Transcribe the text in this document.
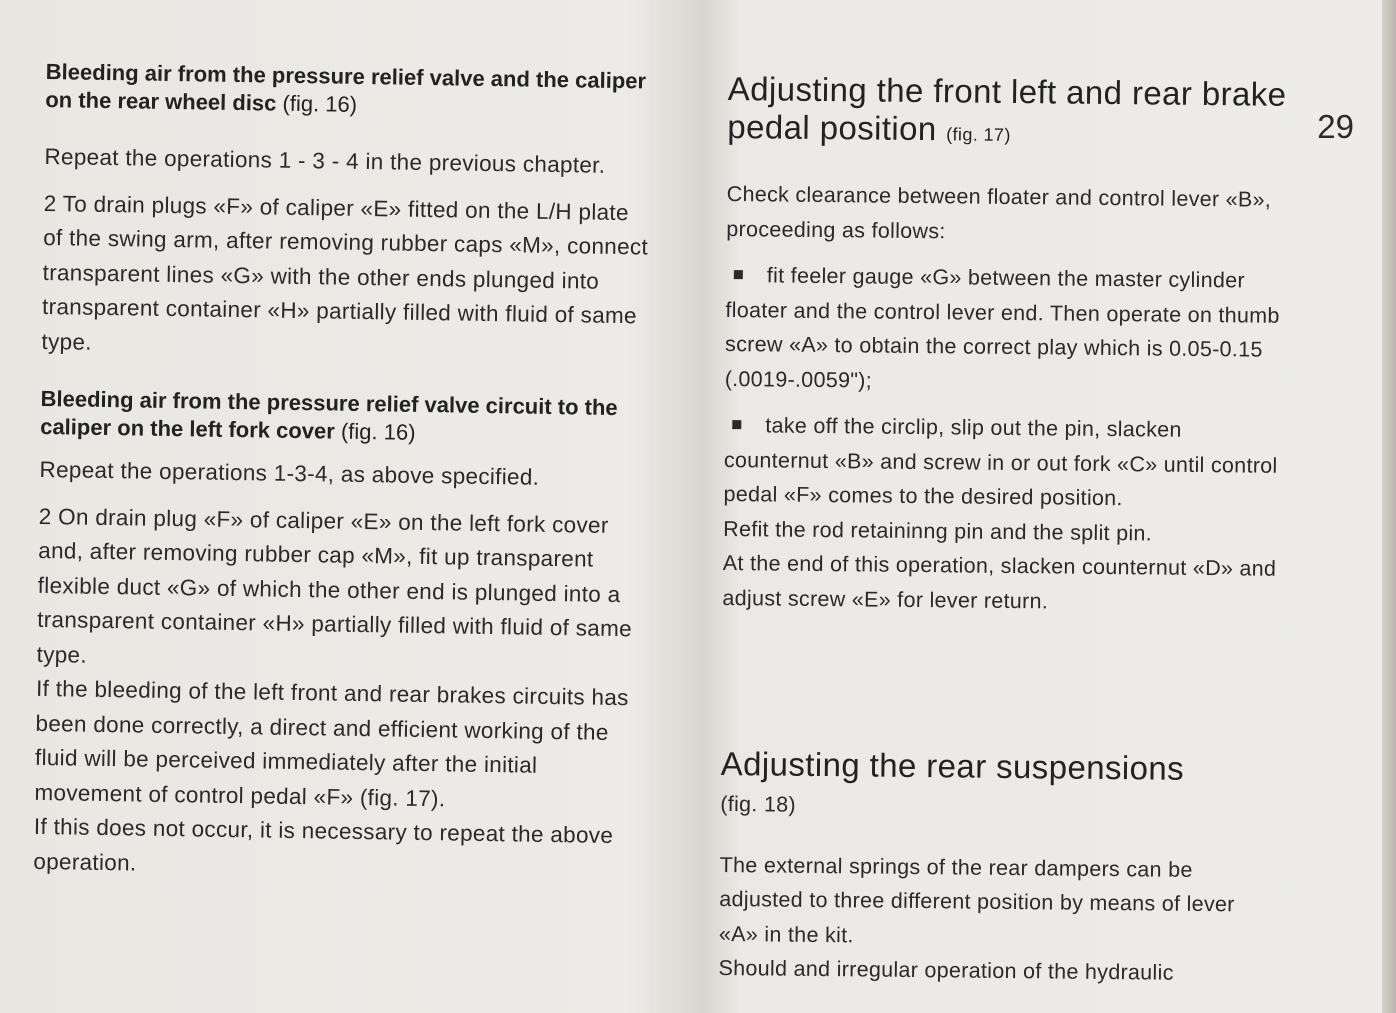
Bleeding air from the pressure relief valve and the caliper on the rear wheel disc (fig. 16)

Repeat the operations 1 - 3 - 4 in the previous chapter.

2 To drain plugs «F» of caliper «E» fitted on the L/H plate of the swing arm, after removing rubber caps «M», connect transparent lines «G» with the other ends plunged into transparent container «H» partially filled with fluid of same type.

Bleeding air from the pressure relief valve circuit to the caliper on the left fork cover (fig. 16)

Repeat the operations 1-3-4, as above specified.

2 On drain plug «F» of caliper «E» on the left fork cover and, after removing rubber cap «M», fit up transparent flexible duct «G» of which the other end is plunged into a transparent container «H» partially filled with fluid of same type.

If the bleeding of the left front and rear brakes circuits has been done correctly, a direct and efficient working of the fluid will be perceived immediately after the initial movement of control pedal «F» (fig. 17).

If this does not occur, it is necessary to repeat the above operation.

29
Adjusting the front left and rear brake pedal position (fig. 17)

Check clearance between floater and control lever «B», proceeding as follows:

fit feeler gauge «G» between the master cylinder floater and the control lever end. Then operate on thumb screw «A» to obtain the correct play which is 0.05-0.15 (.0019-.0059");

take off the circlip, slip out the pin, slacken counternut «B» and screw in or out fork «C» until control pedal «F» comes to the desired position.

Refit the rod retaininng pin and the split pin.

At the end of this operation, slacken counternut «D» and adjust screw «E» for lever return.

Adjusting the rear suspensions

(fig. 18)

The external springs of the rear dampers can be adjusted to three different position by means of lever «A» in the kit.

Should and irregular operation of the hydraulic
